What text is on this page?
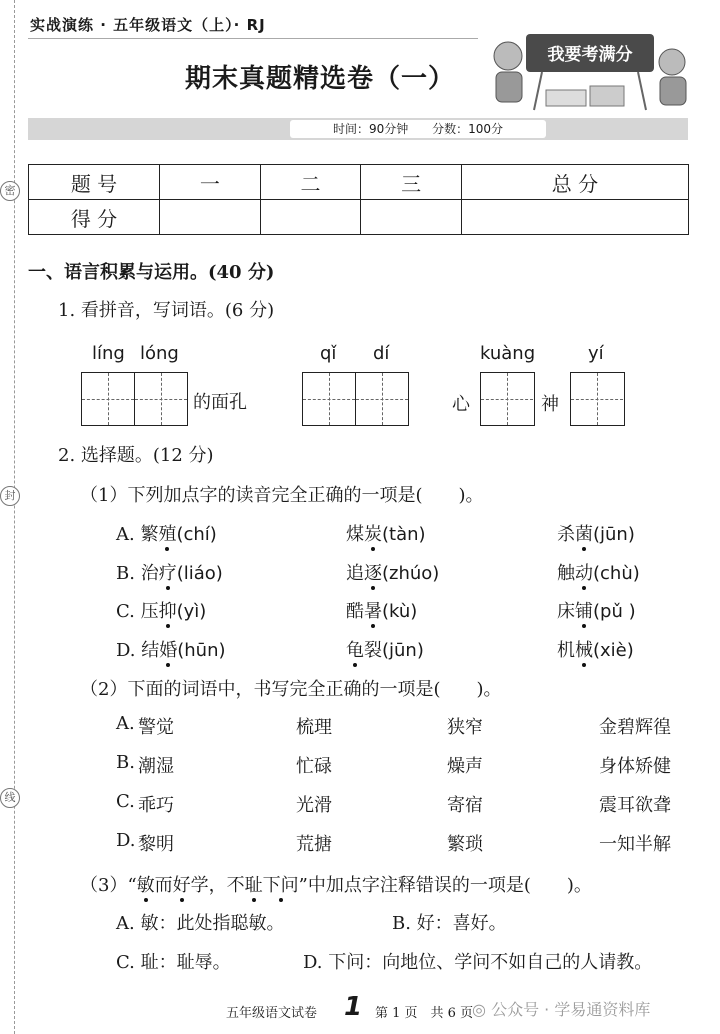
密
封
线
实战演练 · 五年级语文（上）· RJ
期末真题精选卷（一）
我要考满分
时间：90分钟 分数：100分
题 号	一	二	三	总 分
得 分				
一、语言积累与运用。(40 分)
1. 看拼音，写词语。(6 分)
líng lóng	qǐ dí	kuàng	yí
的面孔	心	神
2. 选择题。(12 分)
（1）下列加点字的读音完全正确的一项是(　　)。
A. 繁殖(chí)	煤炭(tàn)	杀菌(jūn)
B. 治疗(liáo)	追逐(zhúo)	触动(chù)
C. 压抑(yì)	酷暑(kù)	床铺(pǔ )
D. 结婚(hūn)	龟裂(jūn)	机械(xiè)
（2）下面的词语中，书写完全正确的一项是(　　)。
A. 警觉	梳理	狭窄	金碧辉徨
B. 潮湿	忙碌	燥声	身体矫健
C. 乖巧	光滑	寄宿	震耳欲聋
D. 黎明	荒搪	繁琐	一知半解
（3）“敏而好学，不耻下问”中加点字注释错误的一项是(　　)。
A. 敏：此处指聪敏。	B. 好：喜好。
C. 耻：耻辱。	D. 下问：向地位、学问不如自己的人请教。
五年级语文试卷 1 第 1 页　共 6 页
◎ 公众号 · 学易通资料库
